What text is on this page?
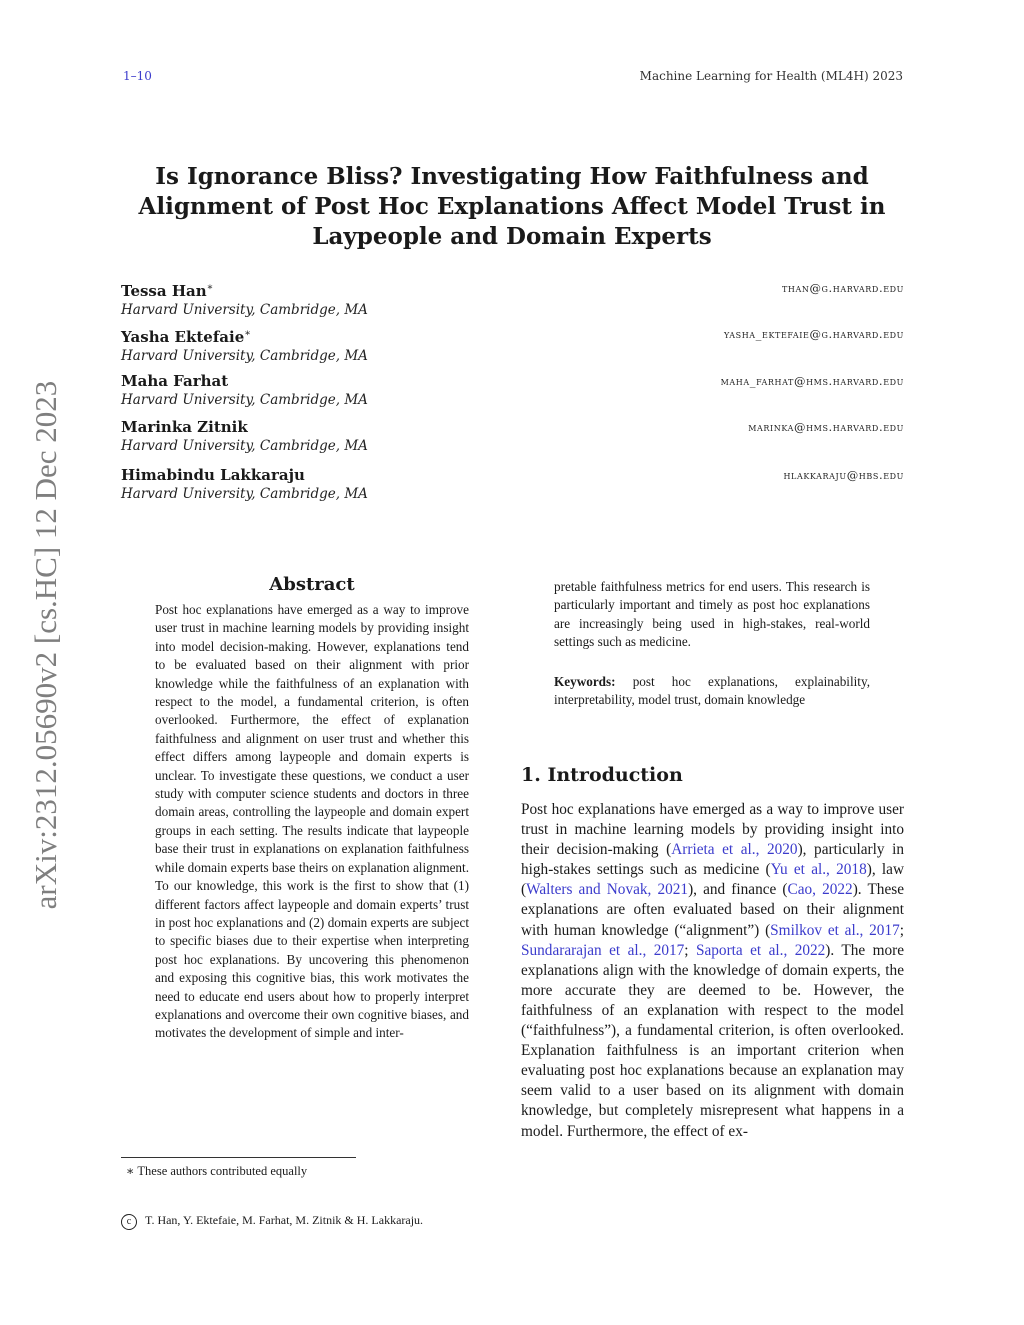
1–10	Machine Learning for Health (ML4H) 2023
arXiv:2312.05690v2 [cs.HC] 12 Dec 2023
Is Ignorance Bliss? Investigating How Faithfulness and Alignment of Post Hoc Explanations Affect Model Trust in Laypeople and Domain Experts
Tessa Han∗
Harvard University, Cambridge, MA
than@g.harvard.edu
Yasha Ektefaie∗
Harvard University, Cambridge, MA
yasha_ektefaie@g.harvard.edu
Maha Farhat
Harvard University, Cambridge, MA
maha_farhat@hms.harvard.edu
Marinka Zitnik
Harvard University, Cambridge, MA
marinka@hms.harvard.edu
Himabindu Lakkaraju
Harvard University, Cambridge, MA
hlakkaraju@hbs.edu
Abstract
Post hoc explanations have emerged as a way to improve user trust in machine learning models by providing insight into model decision-making. However, explanations tend to be evaluated based on their alignment with prior knowledge while the faithfulness of an explanation with respect to the model, a fundamental criterion, is often overlooked. Furthermore, the effect of explanation faithfulness and alignment on user trust and whether this effect differs among laypeople and domain experts is unclear. To investigate these questions, we conduct a user study with computer science students and doctors in three domain areas, controlling the laypeople and domain expert groups in each setting. The results indicate that laypeople base their trust in explanations on explanation faithfulness while domain experts base theirs on explanation alignment. To our knowledge, this work is the first to show that (1) different factors affect laypeople and domain experts’ trust in post hoc explanations and (2) domain experts are subject to specific biases due to their expertise when interpreting post hoc explanations. By uncovering this phenomenon and exposing this cognitive bias, this work motivates the need to educate end users about how to properly interpret explanations and overcome their own cognitive biases, and motivates the development of simple and inter-
pretable faithfulness metrics for end users. This research is particularly important and timely as post hoc explanations are increasingly being used in high-stakes, real-world settings such as medicine.
Keywords: post hoc explanations, explainability, interpretability, model trust, domain knowledge
1. Introduction
Post hoc explanations have emerged as a way to improve user trust in machine learning models by providing insight into their decision-making (Arrieta et al., 2020), particularly in high-stakes settings such as medicine (Yu et al., 2018), law (Walters and Novak, 2021), and finance (Cao, 2022). These explanations are often evaluated based on their alignment with human knowledge (“alignment”) (Smilkov et al., 2017; Sundararajan et al., 2017; Saporta et al., 2022). The more explanations align with the knowledge of domain experts, the more accurate they are deemed to be. However, the faithfulness of an explanation with respect to the model (“faithfulness”), a fundamental criterion, is often overlooked. Explanation faithfulness is an important criterion when evaluating post hoc explanations because an explanation may seem valid to a user based on its alignment with domain knowledge, but completely misrepresent what happens in a model. Furthermore, the effect of ex-
∗ These authors contributed equally
c T. Han, Y. Ektefaie, M. Farhat, M. Zitnik & H. Lakkaraju.
